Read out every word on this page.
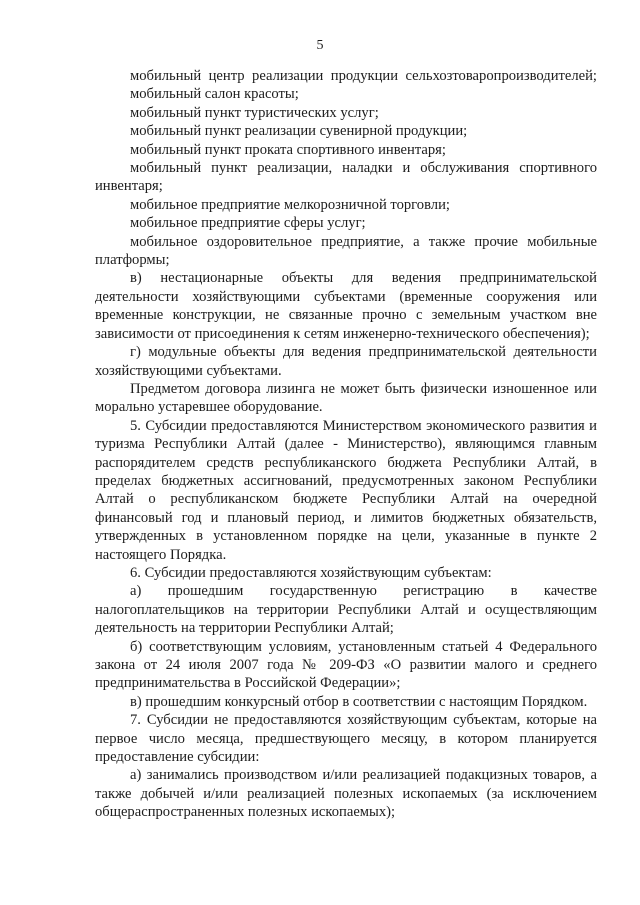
5

мобильный центр реализации продукции сельхозтоваропроизводителей;

мобильный салон красоты;

мобильный пункт туристических услуг;

мобильный пункт реализации сувенирной продукции;

мобильный пункт проката спортивного инвентаря;

мобильный пункт реализации, наладки и обслуживания спортивного инвентаря;

мобильное предприятие мелкорозничной торговли;

мобильное предприятие сферы услуг;

мобильное оздоровительное предприятие, а также прочие мобильные платформы;

в) нестационарные объекты для ведения предпринимательской деятельности хозяйствующими субъектами (временные сооружения или временные конструкции, не связанные прочно с земельным участком вне зависимости от присоединения к сетям инженерно-технического обеспечения);

г) модульные объекты для ведения предпринимательской деятельности хозяйствующими субъектами.

Предметом договора лизинга не может быть физически изношенное или морально устаревшее оборудование.

5. Субсидии предоставляются Министерством экономического развития и туризма Республики Алтай (далее - Министерство), являющимся главным распорядителем средств республиканского бюджета Республики Алтай, в пределах бюджетных ассигнований, предусмотренных законом Республики Алтай о республиканском бюджете Республики Алтай на очередной финансовый год и плановый период, и лимитов бюджетных обязательств, утвержденных в установленном порядке на цели, указанные в пункте 2 настоящего Порядка.

6. Субсидии предоставляются хозяйствующим субъектам:

а) прошедшим государственную регистрацию в качестве налогоплательщиков на территории Республики Алтай и осуществляющим деятельность на территории Республики Алтай;

б) соответствующим условиям, установленным статьей 4 Федерального закона от 24 июля 2007 года № 209-ФЗ «О развитии малого и среднего предпринимательства в Российской Федерации»;

в) прошедшим конкурсный отбор в соответствии с настоящим Порядком.

7. Субсидии не предоставляются хозяйствующим субъектам, которые на первое число месяца, предшествующего месяцу, в котором планируется предоставление субсидии:

а) занимались производством и/или реализацией подакцизных товаров, а также добычей и/или реализацией полезных ископаемых (за исключением общераспространенных полезных ископаемых);
